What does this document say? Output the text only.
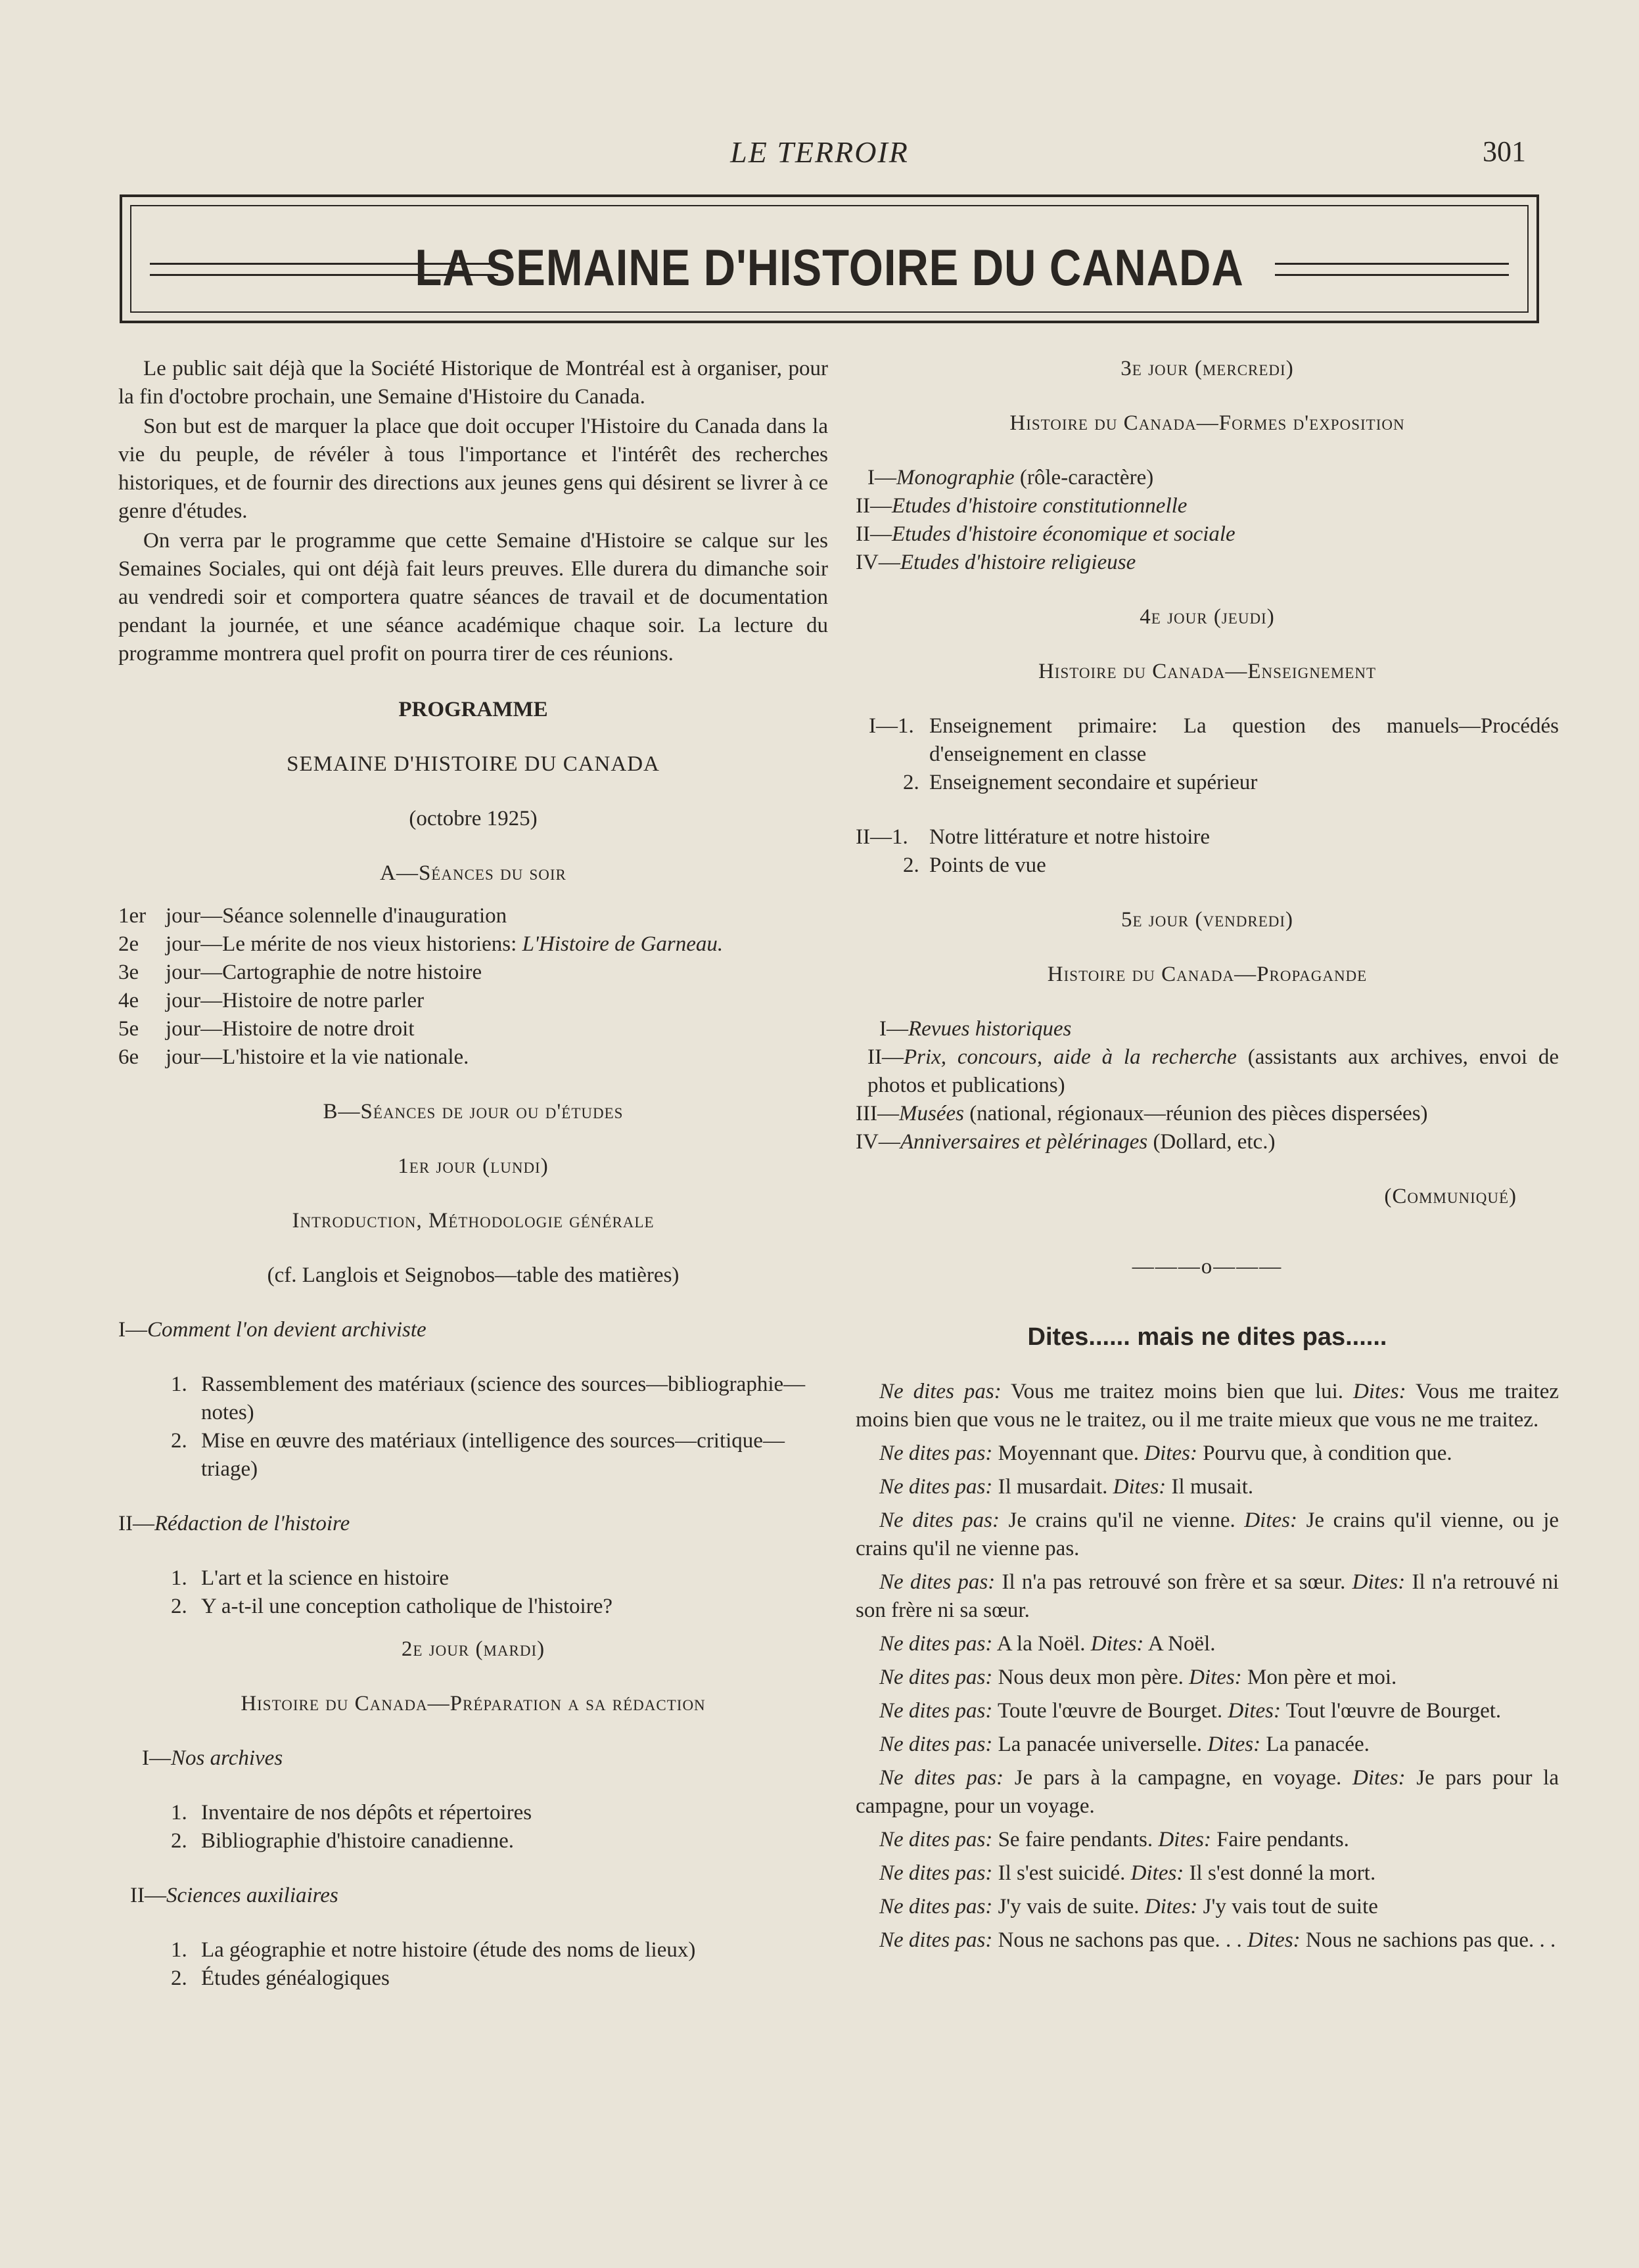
LE TERROIR	301
LA SEMAINE D'HISTOIRE DU CANADA

Le public sait déjà que la Société Historique de Montréal est à organiser, pour la fin d'octobre prochain, une Semaine d'Histoire du Canada.

Son but est de marquer la place que doit occuper l'Histoire du Canada dans la vie du peuple, de révéler à tous l'importance et l'intérêt des recherches historiques, et de fournir des directions aux jeunes gens qui désirent se livrer à ce genre d'études.

On verra par le programme que cette Semaine d'Histoire se calque sur les Semaines Sociales, qui ont déjà fait leurs preuves. Elle durera du dimanche soir au vendredi soir et comportera quatre séances de travail et de documentation pendant la journée, et une séance académique chaque soir. La lecture du programme montrera quel profit on pourra tirer de ces réunions.

PROGRAMME
SEMAINE D'HISTOIRE DU CANADA
(octobre 1925)
A—Séances du soir
1er jour—Séance solennelle d'inauguration
2e	jour—Le mérite de nos vieux historiens: L'Histoire de Garneau.
3e	jour—Cartographie de notre histoire
4e	jour—Histoire de notre parler
5e	jour—Histoire de notre droit
6e	jour—L'histoire et la vie nationale.
B—Séances de jour ou d'études
1er jour (lundi)
Introduction, Méthodologie générale
(cf. Langlois et Seignobos—table des matières)
I—Comment l'on devient archiviste
1. Rassemblement des matériaux (science des sources—bibliographie—notes)
2. Mise en œuvre des matériaux (intelligence des sources—critique—triage)
II—Rédaction de l'histoire
1. L'art et la science en histoire
2. Y a-t-il une conception catholique de l'histoire?
2e jour (mardi)
Histoire du Canada—Préparation a sa rédaction
I—Nos archives
1. Inventaire de nos dépôts et répertoires
2. Bibliographie d'histoire canadienne.
II—Sciences auxiliaires
1. La géographie et notre histoire (étude des noms de lieux)
2. Études généalogiques
3e jour (mercredi)
Histoire du Canada—Formes d'exposition
I—Monographie (rôle-caractère)
II—Etudes d'histoire constitutionnelle
II—Etudes d'histoire économique et sociale
IV—Etudes d'histoire religieuse
4e jour (jeudi)
Histoire du Canada—Enseignement
I—1. Enseignement primaire: La question des manuels—Procédés d'enseignement en classe
2. Enseignement secondaire et supérieur
II—1. Notre littérature et notre histoire
2. Points de vue
5e jour (vendredi)
Histoire du Canada—Propagande
I—Revues historiques
II—Prix, concours, aide à la recherche (assistants aux archives, envoi de photos et publications)
III—Musées (national, régionaux—réunion des pièces dispersées)
IV—Anniversaires et pèlérinages (Dollard, etc.)
(Communiqué)
———o———
Dites...... mais ne dites pas......

Ne dites pas: Vous me traitez moins bien que lui. Dites: Vous me traitez moins bien que vous ne le traitez, ou il me traite mieux que vous ne me traitez.

Ne dites pas: Moyennant que. Dites: Pourvu que, à condition que.

Ne dites pas: Il musardait. Dites: Il musait.

Ne dites pas: Je crains qu'il ne vienne. Dites: Je crains qu'il vienne, ou je crains qu'il ne vienne pas.

Ne dites pas: Il n'a pas retrouvé son frère et sa sœur. Dites: Il n'a retrouvé ni son frère ni sa sœur.

Ne dites pas: A la Noël. Dites: A Noël.

Ne dites pas: Nous deux mon père. Dites: Mon père et moi.

Ne dites pas: Toute l'œuvre de Bourget. Dites: Tout l'œuvre de Bourget.

Ne dites pas: La panacée universelle. Dites: La panacée.

Ne dites pas: Je pars à la campagne, en voyage. Dites: Je pars pour la campagne, pour un voyage.

Ne dites pas: Se faire pendants. Dites: Faire pendants.

Ne dites pas: Il s'est suicidé. Dites: Il s'est donné la mort.

Ne dites pas: J'y vais de suite. Dites: J'y vais tout de suite

Ne dites pas: Nous ne sachons pas que. . . Dites: Nous ne sachions pas que. . .
